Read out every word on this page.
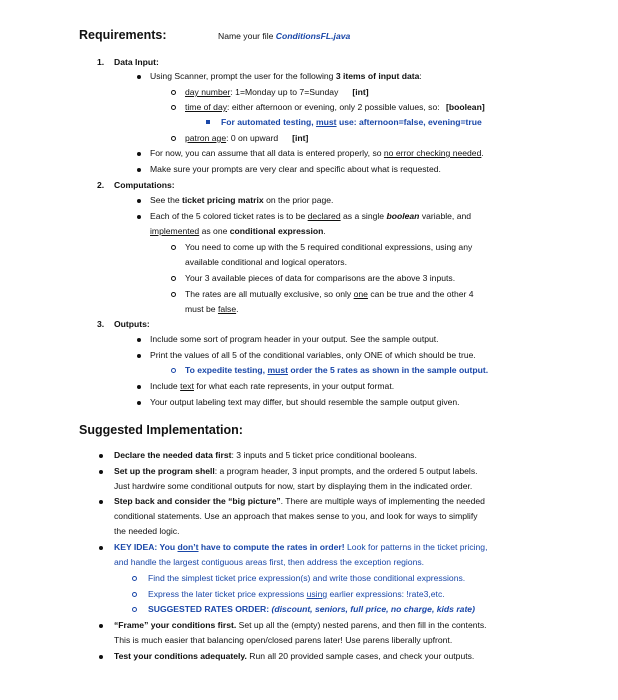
Requirements:	Name your file ConditionsFL.java
1. Data Input:
Using Scanner, prompt the user for the following 3 items of input data:
day number: 1=Monday up to 7=Sunday [int]
time of day: either afternoon or evening, only 2 possible values, so: [boolean]
For automated testing, must use: afternoon=false, evening=true
patron age: 0 on upward [int]
For now, you can assume that all data is entered properly, so no error checking needed.
Make sure your prompts are very clear and specific about what is requested.
2. Computations:
See the ticket pricing matrix on the prior page.
Each of the 5 colored ticket rates is to be declared as a single boolean variable, and
implemented as one conditional expression.
You need to come up with the 5 required conditional expressions, using any
available conditional and logical operators.
Your 3 available pieces of data for comparisons are the above 3 inputs.
The rates are all mutually exclusive, so only one can be true and the other 4
must be false.
3. Outputs:
Include some sort of program header in your output. See the sample output.
Print the values of all 5 of the conditional variables, only ONE of which should be true.
To expedite testing, must order the 5 rates as shown in the sample output.
Include text for what each rate represents, in your output format.
Your output labeling text may differ, but should resemble the sample output given.
Suggested Implementation:
Declare the needed data first: 3 inputs and 5 ticket price conditional booleans.
Set up the program shell: a program header, 3 input prompts, and the ordered 5 output labels.
Just hardwire some conditional outputs for now, start by displaying them in the indicated order.
Step back and consider the “big picture”. There are multiple ways of implementing the needed
conditional statements. Use an approach that makes sense to you, and look for ways to simplify
the needed logic.
KEY IDEA: You don’t have to compute the rates in order! Look for patterns in the ticket pricing,
and handle the largest contiguous areas first, then address the exception regions.
Find the simplest ticket price expression(s) and write those conditional expressions.
Express the later ticket price expressions using earlier expressions: !rate3,etc.
SUGGESTED RATES ORDER: (discount, seniors, full price, no charge, kids rate)
“Frame” your conditions first. Set up all the (empty) nested parens, and then fill in the contents.
This is much easier that balancing open/closed parens later! Use parens liberally upfront.
Test your conditions adequately. Run all 20 provided sample cases, and check your outputs.
